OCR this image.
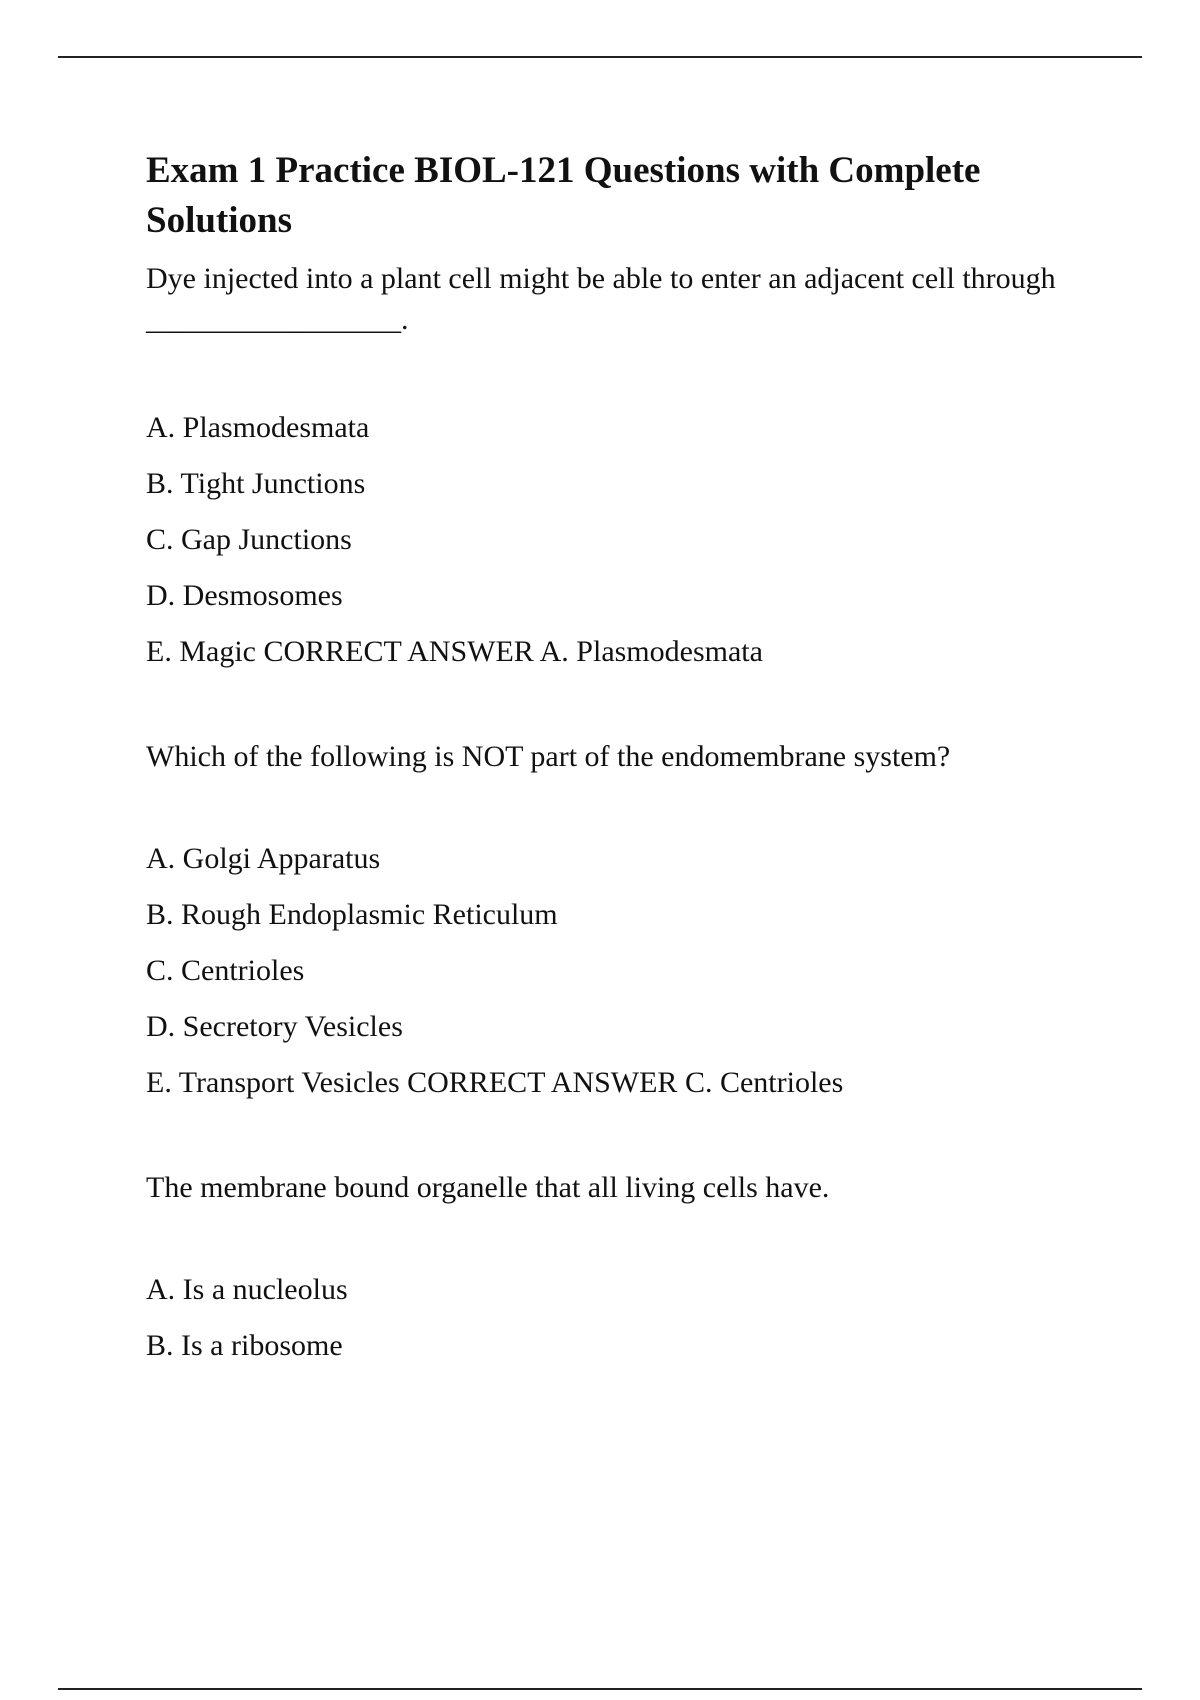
Exam 1 Practice BIOL-121 Questions with Complete Solutions

Dye injected into a plant cell might be able to enter an adjacent cell through _________________.

A. Plasmodesmata
B. Tight Junctions
C. Gap Junctions
D. Desmosomes
E. Magic CORRECT ANSWER A. Plasmodesmata

Which of the following is NOT part of the endomembrane system?

A. Golgi Apparatus
B. Rough Endoplasmic Reticulum
C. Centrioles
D. Secretory Vesicles
E. Transport Vesicles CORRECT ANSWER C. Centrioles

The membrane bound organelle that all living cells have.

A. Is a nucleolus
B. Is a ribosome
